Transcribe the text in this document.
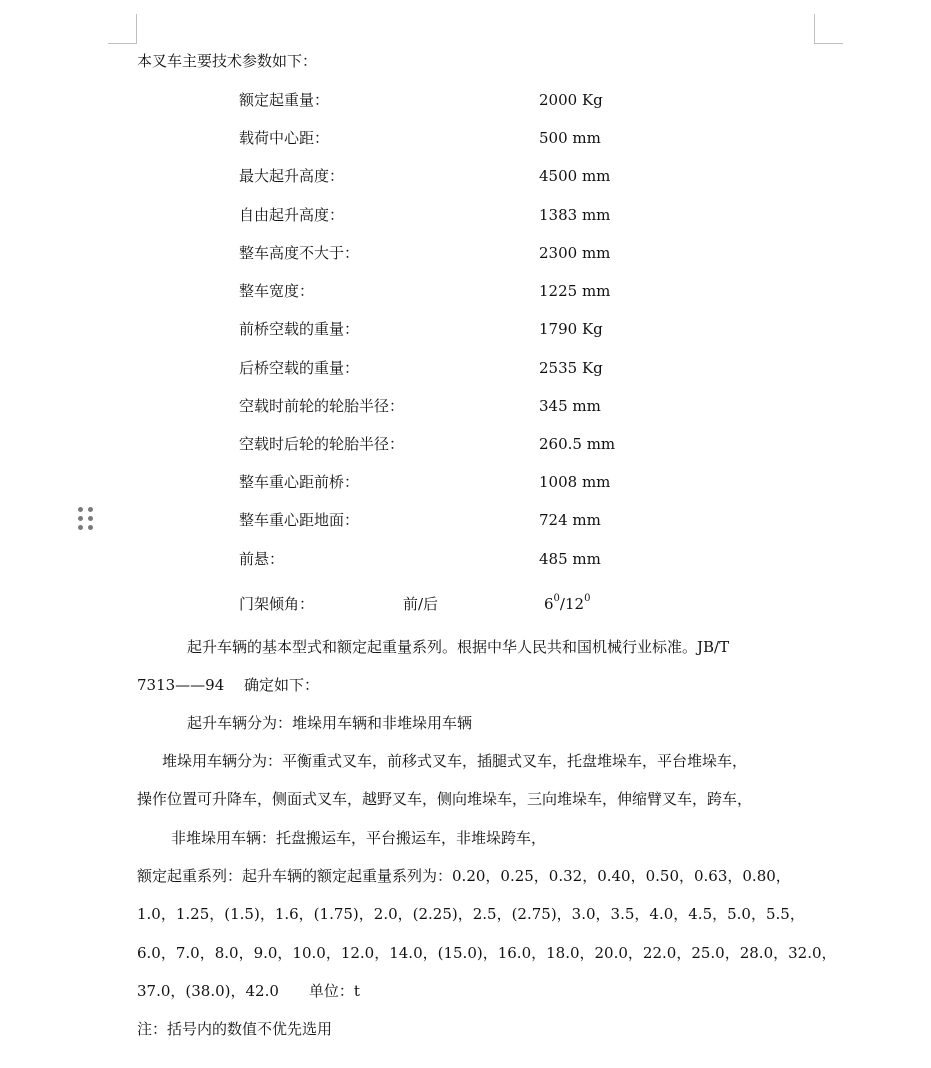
本叉车主要技术参数如下：
额定起重量：	2000 Kg
载荷中心距：	500 mm
最大起升高度：	4500 mm
自由起升高度：	1383 mm
整车高度不大于：	2300 mm
整车宽度：	1225 mm
前桥空载的重量：	1790 Kg
后桥空载的重量：	2535 Kg
空载时前轮的轮胎半径：	345 mm
空载时后轮的轮胎半径：	260.5 mm
整车重心距前桥：	1008 mm
整车重心距地面：	724 mm
前悬：	485 mm
门架倾角：	前/后	$6^0/12^0$
起升车辆的基本型式和额定起重量系列。根据中华人民共和国机械行业标准。JB/T
7313——94　 确定如下：
起升车辆分为：堆垛用车辆和非堆垛用车辆
堆垛用车辆分为：平衡重式叉车，前移式叉车，插腿式叉车，托盘堆垛车，平台堆垛车，
操作位置可升降车，侧面式叉车，越野叉车，侧向堆垛车，三向堆垛车，伸缩臂叉车，跨车，
非堆垛用车辆：托盘搬运车，平台搬运车，非堆垛跨车，
额定起重系列：起升车辆的额定起重量系列为：0.20，0.25，0.32，0.40，0.50，0.63，0.80，
1.0，1.25，(1.5)，1.6，(1.75)，2.0，(2.25)，2.5，(2.75)，3.0，3.5，4.0，4.5，5.0，5.5，
6.0，7.0，8.0，9.0，10.0，12.0，14.0，(15.0)，16.0，18.0，20.0，22.0，25.0，28.0，32.0，
37.0，(38.0)，42.0　　单位：t
注：括号内的数值不优先选用
